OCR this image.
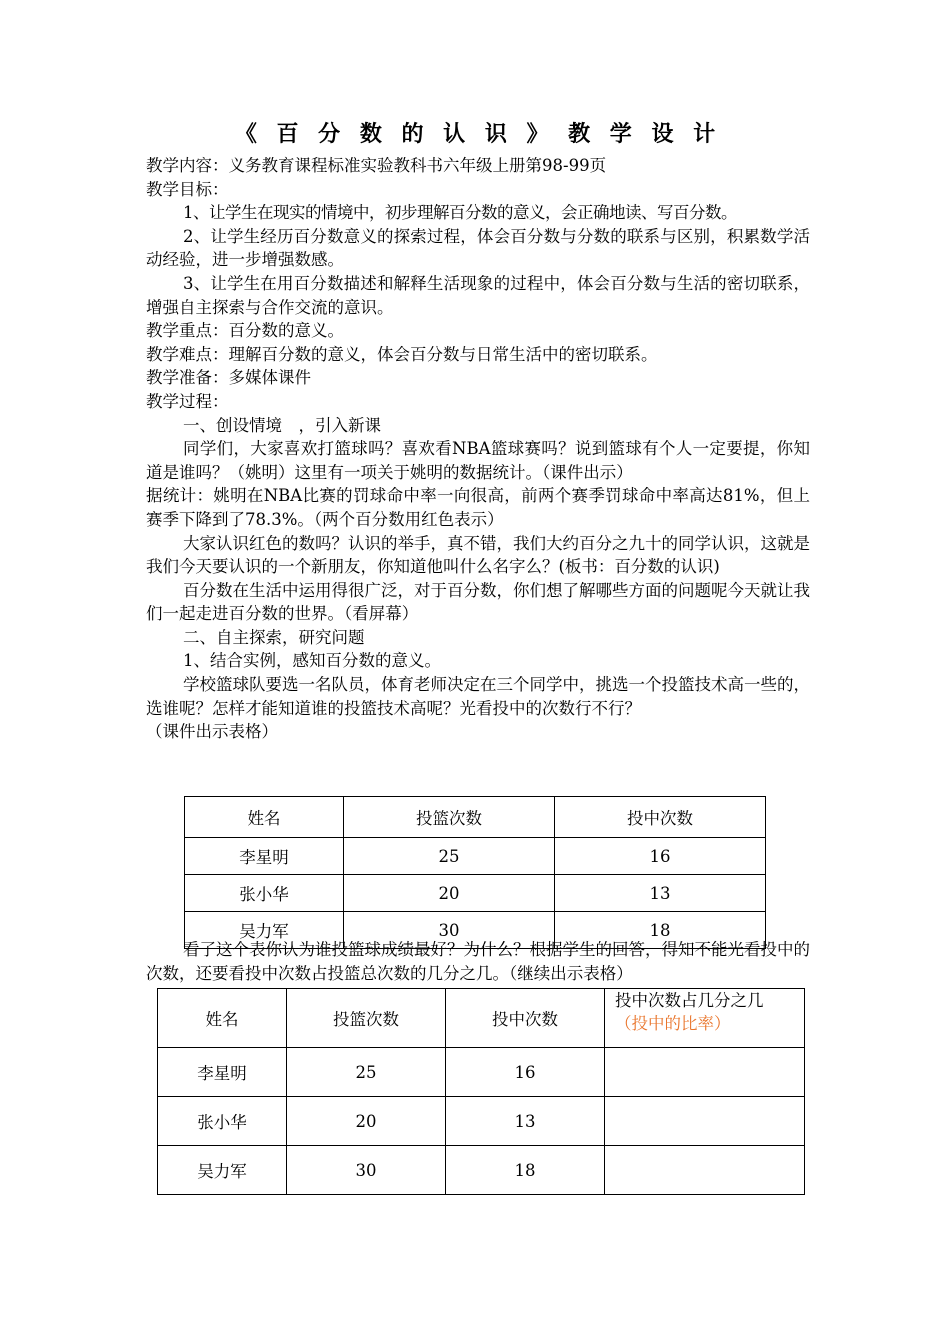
《 百 分 数 的 认 识 》 教 学 设 计
教学内容：义务教育课程标准实验教科书六年级上册第98-99页
教学目标：
1、让学生在现实的情境中，初步理解百分数的意义，会正确地读、写百分数。
2、让学生经历百分数意义的探索过程，体会百分数与分数的联系与区别，积累数学活动经验，进一步增强数感。
3、让学生在用百分数描述和解释生活现象的过程中，体会百分数与生活的密切联系，增强自主探索与合作交流的意识。
教学重点：百分数的意义。
教学难点：理解百分数的意义，体会百分数与日常生活中的密切联系。
教学准备：多媒体课件
教学过程：
一、创设情境　，引入新课
同学们，大家喜欢打篮球吗？喜欢看NBA篮球赛吗？说到篮球有个人一定要提，你知道是谁吗？（姚明）这里有一项关于姚明的数据统计。（课件出示）
据统计：姚明在NBA比赛的罚球命中率一向很高，前两个赛季罚球命中率高达81%，但上赛季下降到了78.3%。（两个百分数用红色表示）
大家认识红色的数吗？认识的举手，真不错，我们大约百分之九十的同学认识，这就是我们今天要认识的一个新朋友，你知道他叫什么名字么？(板书：百分数的认识)
百分数在生活中运用得很广泛，对于百分数，你们想了解哪些方面的问题呢今天就让我们一起走进百分数的世界。（看屏幕）
二、自主探索，研究问题
1、结合实例，感知百分数的意义。
学校篮球队要选一名队员，体育老师决定在三个同学中，挑选一个投篮技术高一些的，选谁呢？怎样才能知道谁的投篮技术高呢？光看投中的次数行不行？
（课件出示表格）
姓名	投篮次数	投中次数
李星明	25	16
张小华	20	13
吴力军	30	18
看了这个表你认为谁投篮球成绩最好？为什么？根据学生的回答，得知不能光看投中的次数，还要看投中次数占投篮总次数的几分之几。（继续出示表格）
姓名	投篮次数	投中次数	投中次数占几分之几
（投中的比率）

李星明	25	16	
张小华	20	13	
吴力军	30	18	
